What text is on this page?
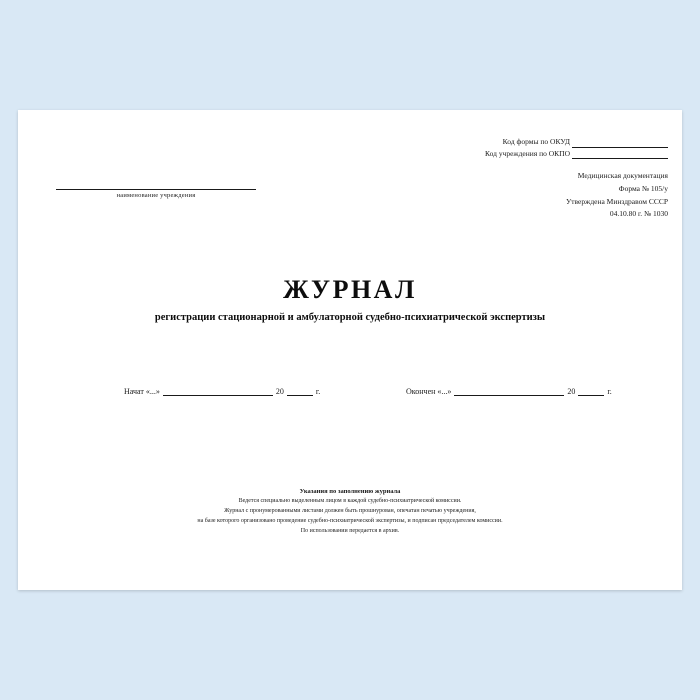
Код формы по ОКУД
Код учреждения по ОКПО
Медицинская документация
Форма № 105/у
Утверждена Минздравом СССР
04.10.80 г. № 1030
наименование учреждения
ЖУРНАЛ
регистрации стационарной и амбулаторной судебно-психиатрической экспертизы
Начат «...»	20	г.	Окончен «...»	20	г.
Указания по заполнению журнала
Ведется специально выделенным лицом в каждой судебно-психиатрической комиссии.
Журнал с пронумерованными листами должен быть прошнурован, опечатан печатью учреждения,
на базе которого организовано проведение судебно-психиатрической экспертизы, и подписан председателем комиссии.
По использовании передается в архив.
